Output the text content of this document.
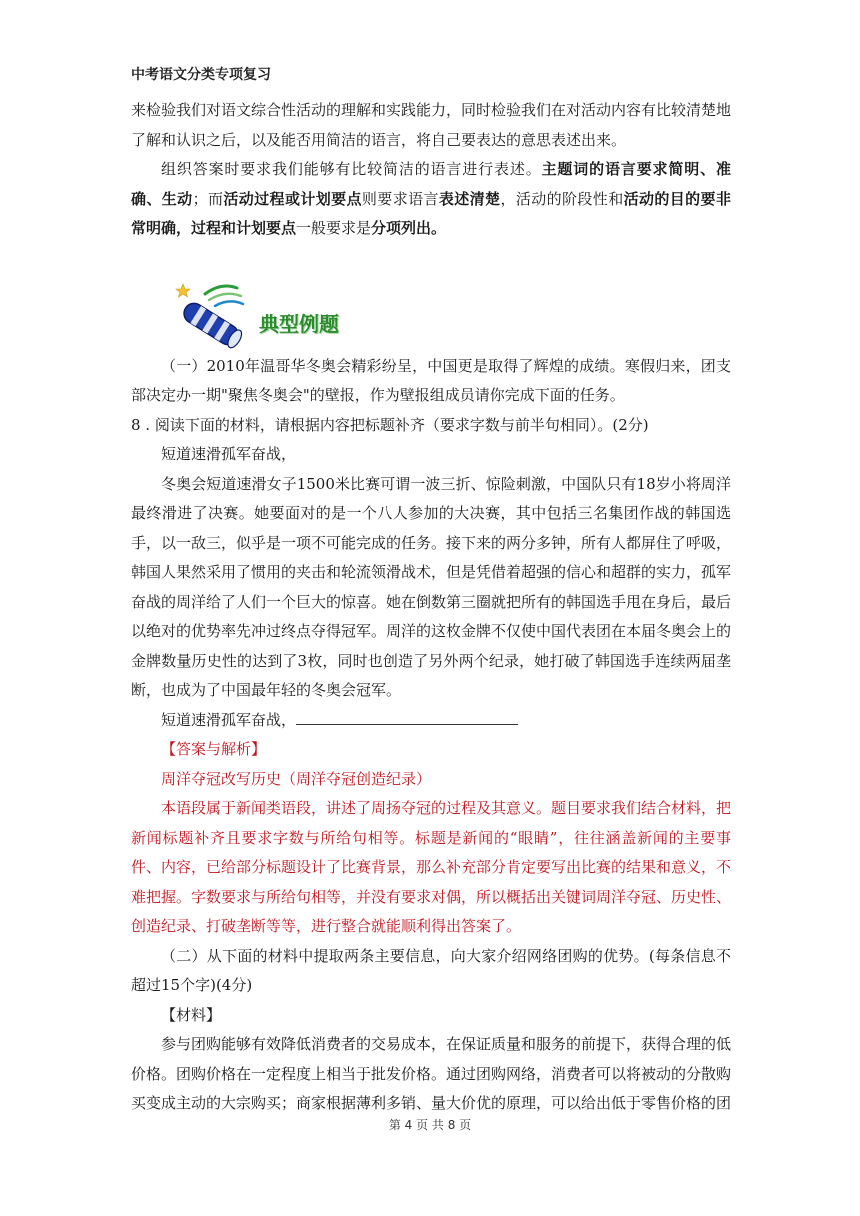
中考语文分类专项复习

来检验我们对语文综合性活动的理解和实践能力，同时检验我们在对活动内容有比较清楚地了解和认识之后，以及能否用简洁的语言，将自己要表达的意思表述出来。

组织答案时要求我们能够有比较简洁的语言进行表述。主题词的语言要求简明、准确、生动；而活动过程或计划要点则要求语言表述清楚，活动的阶段性和活动的目的要非常明确，过程和计划要点一般要求是分项列出。

典型例题

（一）2010年温哥华冬奥会精彩纷呈，中国更是取得了辉煌的成绩。寒假归来，团支部决定办一期"聚焦冬奥会"的壁报，作为壁报组成员请你完成下面的任务。

8 . 阅读下面的材料，请根据内容把标题补齐（要求字数与前半句相同）。(2分)

短道速滑孤军奋战，

冬奥会短道速滑女子1500米比赛可谓一波三折、惊险刺激，中国队只有18岁小将周洋最终滑进了决赛。她要面对的是一个八人参加的大决赛，其中包括三名集团作战的韩国选手，以一敌三，似乎是一项不可能完成的任务。接下来的两分多钟，所有人都屏住了呼吸，韩国人果然采用了惯用的夹击和轮流领滑战术，但是凭借着超强的信心和超群的实力，孤军奋战的周洋给了人们一个巨大的惊喜。她在倒数第三圈就把所有的韩国选手甩在身后，最后以绝对的优势率先冲过终点夺得冠军。周洋的这枚金牌不仅使中国代表团在本届冬奥会上的金牌数量历史性的达到了3枚，同时也创造了另外两个纪录，她打破了韩国选手连续两届垄断，也成为了中国最年轻的冬奥会冠军。

短道速滑孤军奋战，

【答案与解析】

周洋夺冠改写历史（周洋夺冠创造纪录）

本语段属于新闻类语段，讲述了周扬夺冠的过程及其意义。题目要求我们结合材料，把新闻标题补齐且要求字数与所给句相等。标题是新闻的“眼睛”，往往涵盖新闻的主要事件、内容，已给部分标题设计了比赛背景，那么补充部分肯定要写出比赛的结果和意义，不难把握。字数要求与所给句相等，并没有要求对偶，所以概括出关键词周洋夺冠、历史性、创造纪录、打破垄断等等，进行整合就能顺利得出答案了。

（二）从下面的材料中提取两条主要信息，向大家介绍网络团购的优势。(每条信息不超过15个字)(4分)

【材料】

参与团购能够有效降低消费者的交易成本，在保证质量和服务的前提下，获得合理的低价格。团购价格在一定程度上相当于批发价格。通过团购网络，消费者可以将被动的分散购买变成主动的大宗购买；商家根据薄利多销、量大价优的原理，可以给出低于零售价格的团

第 4 页 共 8 页
